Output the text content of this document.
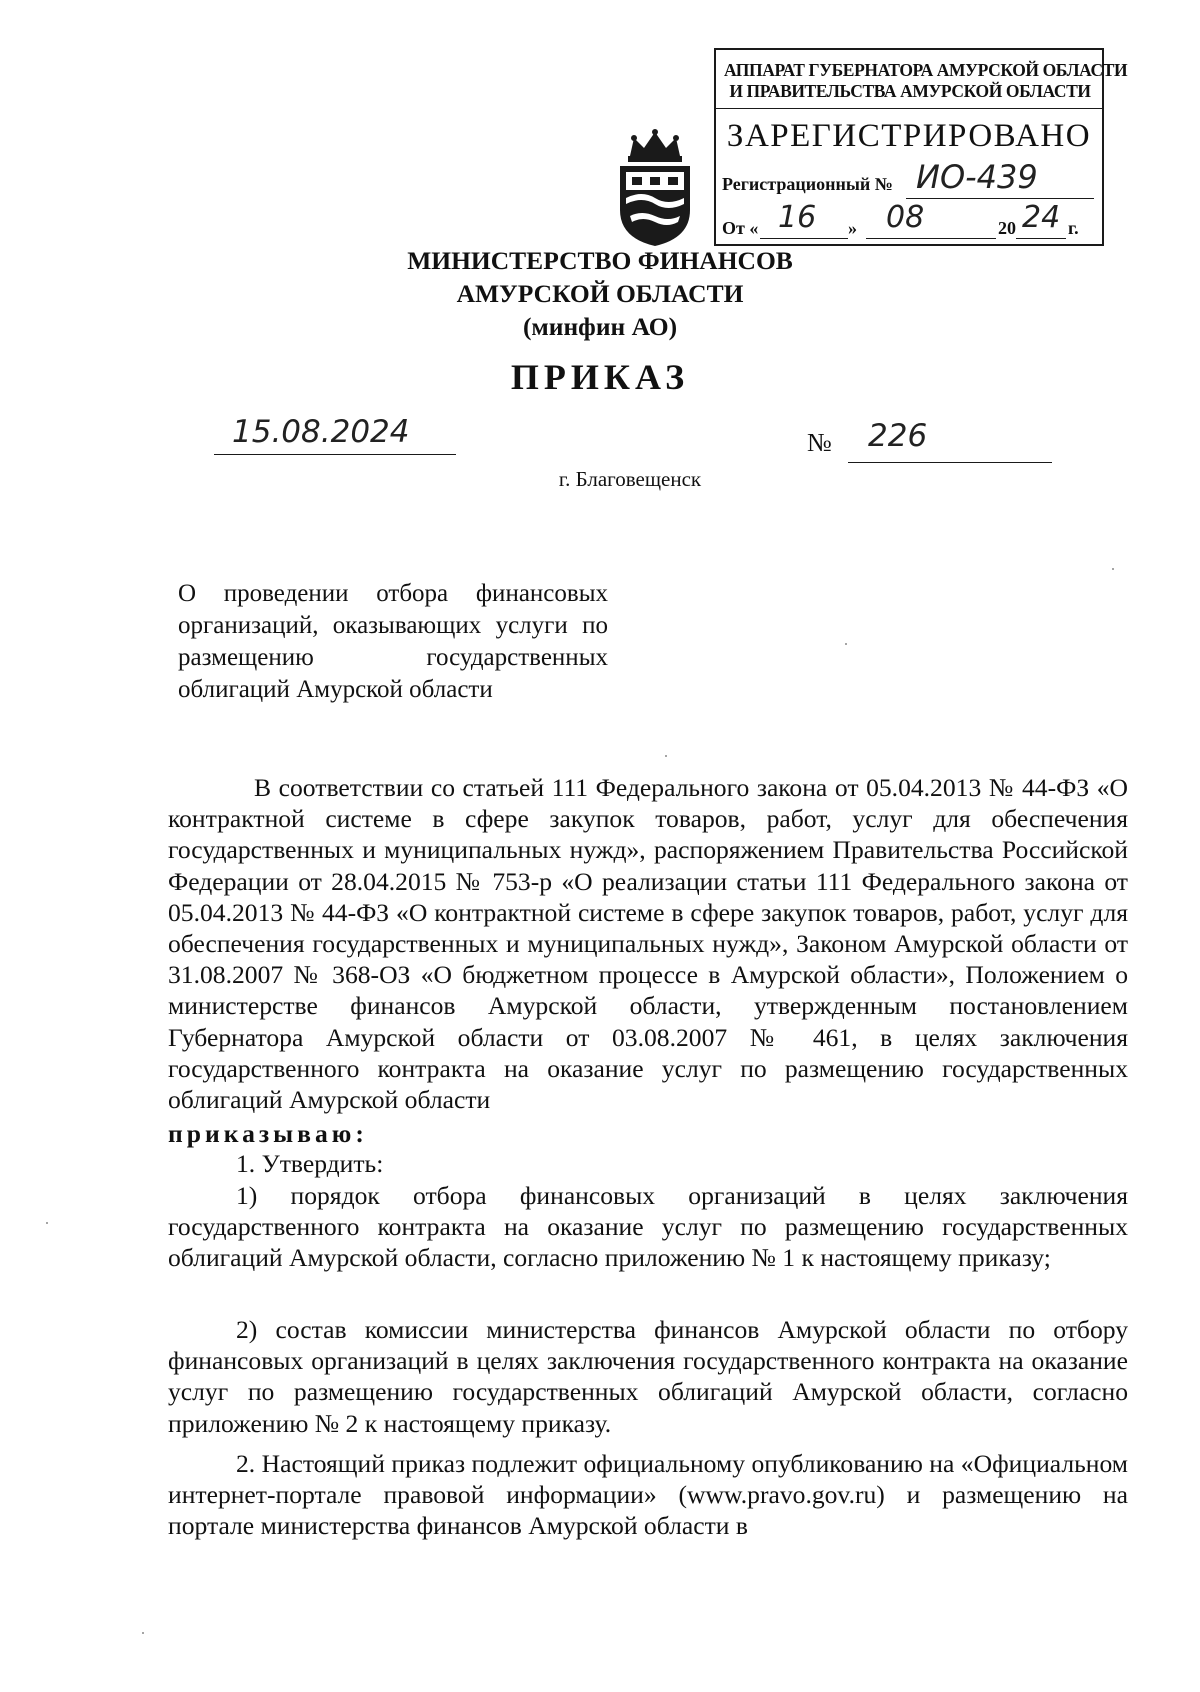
АППАРАТ ГУБЕРНАТОРА АМУРСКОЙ ОБЛАСТИ
И ПРАВИТЕЛЬСТВА АМУРСКОЙ ОБЛАСТИ
ЗАРЕГИСТРИРОВАНО
Регистрационный № ИО-439
От « 16 » 08	20 24 г.
МИНИСТЕРСТВО ФИНАНСОВ
АМУРСКОЙ ОБЛАСТИ
(минфин АО)
ПРИКАЗ
15.08.2024	№ 226
г. Благовещенск
О проведении отбора финансовых организаций, оказывающих услуги по размещению государственных облигаций Амурской области
В соответствии со статьей 111 Федерального закона от 05.04.2013 № 44-ФЗ «О контрактной системе в сфере закупок товаров, работ, услуг для обеспечения государственных и муниципальных нужд», распоряжением Правительства Российской Федерации от 28.04.2015 № 753-р «О реализации статьи 111 Федерального закона от 05.04.2013 № 44-ФЗ «О контрактной системе в сфере закупок товаров, работ, услуг для обеспечения государственных и муниципальных нужд», Законом Амурской области от 31.08.2007 № 368-ОЗ «О бюджетном процессе в Амурской области», Положением о министерстве финансов Амурской области, утвержденным постановлением Губернатора Амурской области от 03.08.2007 № 461, в целях заключения государственного контракта на оказание услуг по размещению государственных облигаций Амурской области
приказываю:
1. Утвердить:
1) порядок отбора финансовых организаций в целях заключения государственного контракта на оказание услуг по размещению государственных облигаций Амурской области, согласно приложению № 1 к настоящему приказу;
2) состав комиссии министерства финансов Амурской области по отбору финансовых организаций в целях заключения государственного контракта на оказание услуг по размещению государственных облигаций Амурской области, согласно приложению № 2 к настоящему приказу.
2. Настоящий приказ подлежит официальному опубликованию на «Официальном интернет-портале правовой информации» (www.pravo.gov.ru) и размещению на портале министерства финансов Амурской области в
